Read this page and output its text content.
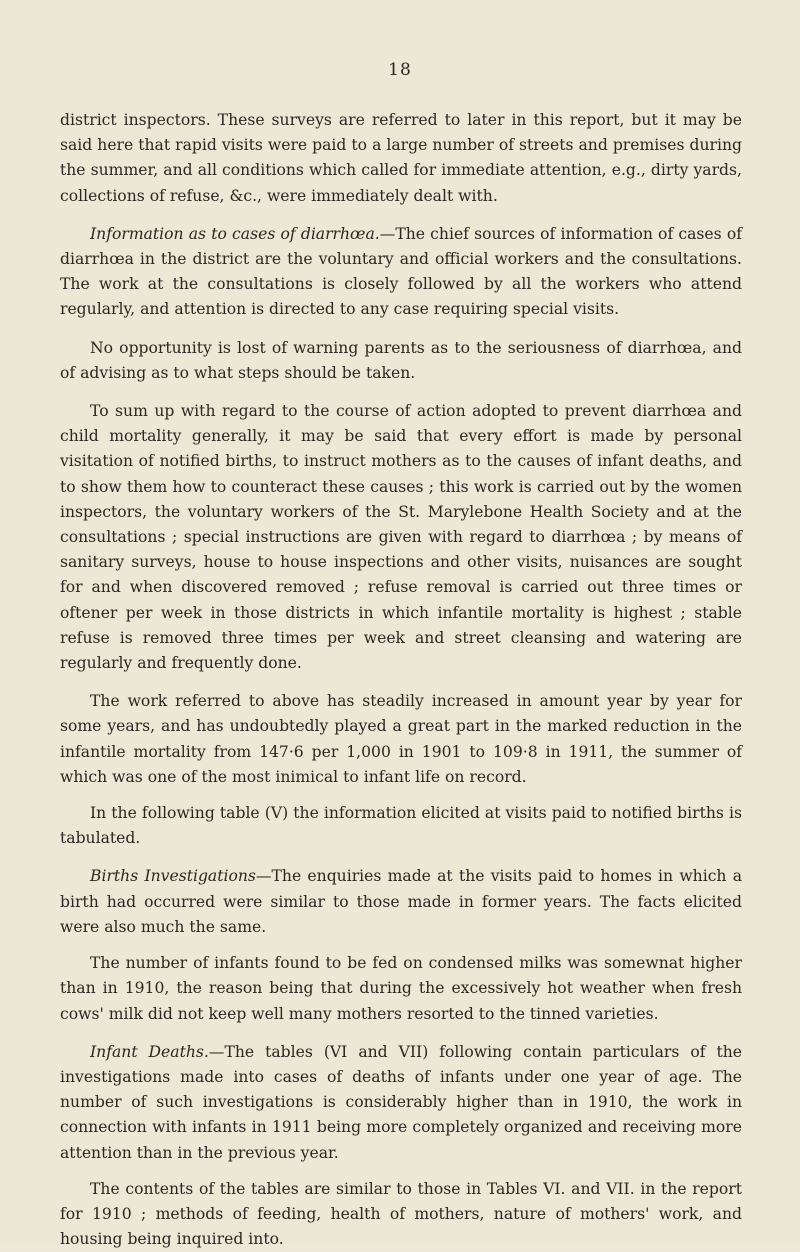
18

district inspectors. These surveys are referred to later in this report, but it may be said here that rapid visits were paid to a large number of streets and premises during the summer, and all conditions which called for immediate attention, e.g., dirty yards, collections of refuse, &c., were immediately dealt with.

Information as to cases of diarrhœa.—The chief sources of information of cases of diarrhœa in the district are the voluntary and official workers and the consultations. The work at the consultations is closely followed by all the workers who attend regularly, and attention is directed to any case requiring special visits.

No opportunity is lost of warning parents as to the seriousness of diarrhœa, and of advising as to what steps should be taken.

To sum up with regard to the course of action adopted to prevent diarrhœa and child mortality generally, it may be said that every effort is made by personal visitation of notified births, to instruct mothers as to the causes of infant deaths, and to show them how to counteract these causes ; this work is carried out by the women inspectors, the voluntary workers of the St. Marylebone Health Society and at the consultations ; special instructions are given with regard to diarrhœa ; by means of sanitary surveys, house to house inspections and other visits, nuisances are sought for and when discovered removed ; refuse removal is carried out three times or oftener per week in those districts in which infantile mortality is highest ; stable refuse is removed three times per week and street cleansing and watering are regularly and frequently done.

The work referred to above has steadily increased in amount year by year for some years, and has undoubtedly played a great part in the marked reduction in the infantile mortality from 147·6 per 1,000 in 1901 to 109·8 in 1911, the summer of which was one of the most inimical to infant life on record.

In the following table (V) the information elicited at visits paid to notified births is tabulated.

Births Investigations—The enquiries made at the visits paid to homes in which a birth had occurred were similar to those made in former years. The facts elicited were also much the same.

The number of infants found to be fed on condensed milks was somewnat higher than in 1910, the reason being that during the excessively hot weather when fresh cows' milk did not keep well many mothers resorted to the tinned varieties.

Infant Deaths.—The tables (VI and VII) following contain particulars of the investigations made into cases of deaths of infants under one year of age. The number of such investigations is considerably higher than in 1910, the work in connection with infants in 1911 being more completely organized and receiving more attention than in the previous year.

The contents of the tables are similar to those in Tables VI. and VII. in the report for 1910 ; methods of feeding, health of mothers, nature of mothers' work, and housing being inquired into.
